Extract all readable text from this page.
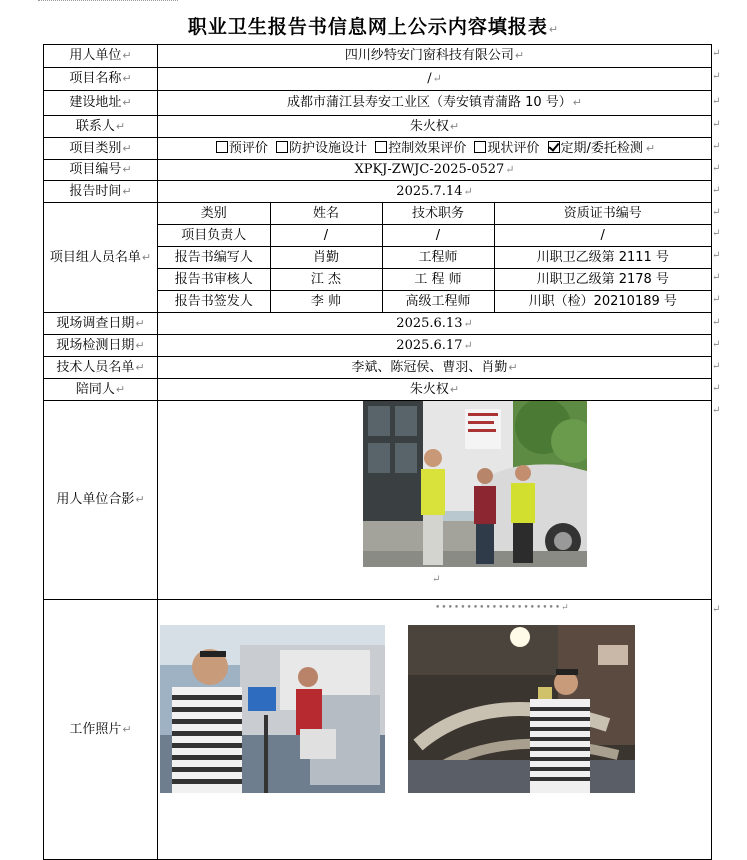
职业卫生报告书信息网上公示内容填报表↵
用人单位↵	四川纱特安门窗科技有限公司↵
项目名称↵	/↵
建设地址↵	成都市蒲江县寿安工业区（寿安镇青蒲路 10 号）↵
联系人↵	朱火权↵
项目类别↵	预评价 防护设施设计 控制效果评价 现状评价 定期/委托检测 ↵
项目编号↵	XPKJ-ZWJC-2025-0527↵
报告时间↵	2025.7.14↵
项目组人员名单↵	
类别	姓名	技术职务	资质证书编号
项目负责人	/	/	/
报告书编写人	肖勤	工程师	川职卫乙级第 2111 号
报告书审核人	江 杰	工 程 师	川职卫乙级第 2178 号
报告书签发人	李 帅	高级工程师	川职（检）20210189 号

现场调查日期↵	2025.6.13↵
现场检测日期↵	2025.6.17↵
技术人员名单↵	李斌、陈冠侯、曹羽、肖勤↵
陪同人↵	朱火权↵
用人单位合影↵	
工作照片↵	
↵
↵
↵
↵
↵
↵
↵
↵
↵
↵
↵
↵
↵
↵
↵
↵
↵
↵
↵
••••••••••••••••••••↵
